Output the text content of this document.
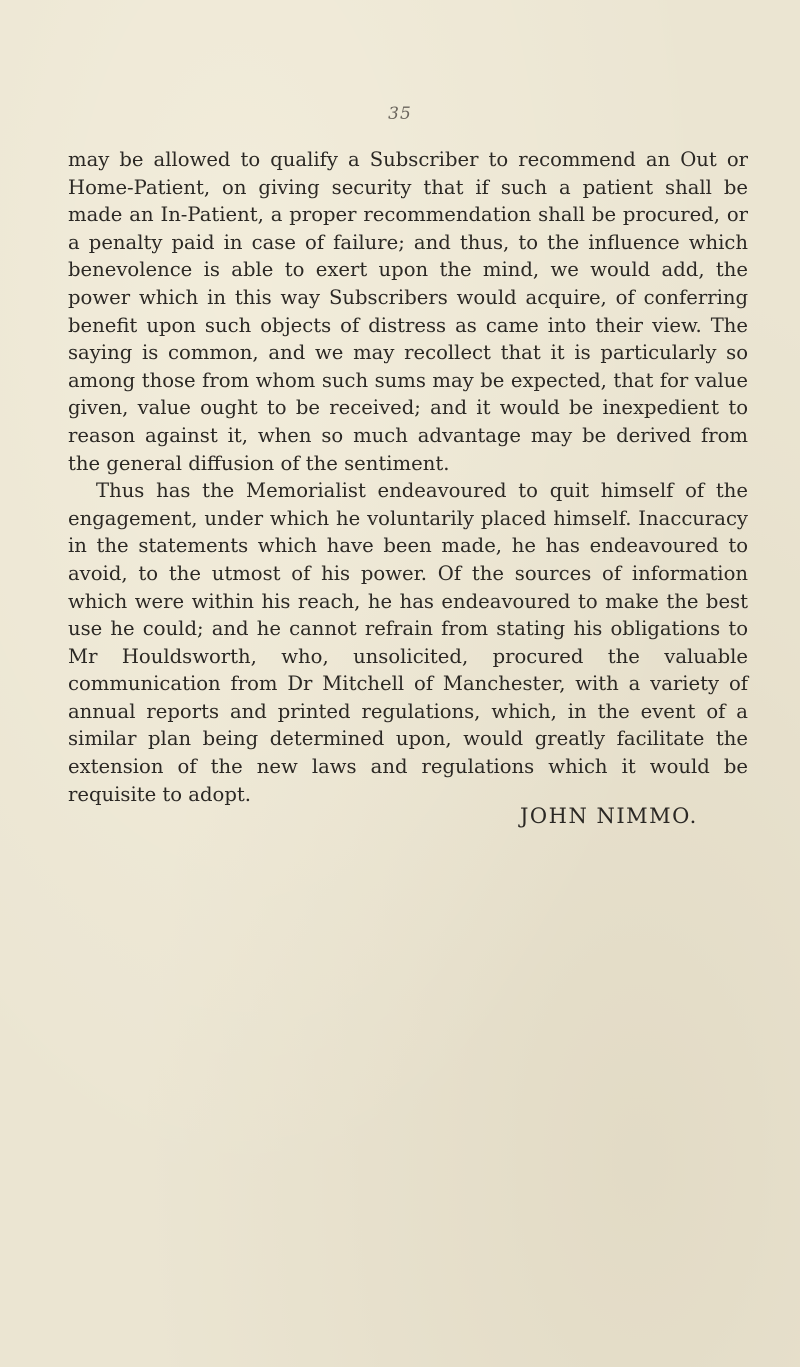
35

may be allowed to qualify a Subscriber to recommend an Out or Home-Patient, on giving security that if such a patient shall be made an In-Patient, a proper recommendation shall be procured, or a penalty paid in case of failure; and thus, to the influence which benevolence is able to exert upon the mind, we would add, the power which in this way Subscribers would acquire, of conferring benefit upon such objects of distress as came into their view. The saying is common, and we may recollect that it is particularly so among those from whom such sums may be expected, that for value given, value ought to be received; and it would be inexpedient to reason against it, when so much advantage may be derived from the general diffusion of the sentiment.

Thus has the Memorialist endeavoured to quit himself of the engagement, under which he voluntarily placed himself. Inaccuracy in the statements which have been made, he has endeavoured to avoid, to the utmost of his power. Of the sources of information which were within his reach, he has endeavoured to make the best use he could; and he cannot refrain from stating his obligations to Mr Houldsworth, who, unsolicited, procured the valuable communication from Dr Mitchell of Manchester, with a variety of annual reports and printed regulations, which, in the event of a similar plan being determined upon, would greatly facilitate the extension of the new laws and regulations which it would be requisite to adopt.

JOHN NIMMO.
